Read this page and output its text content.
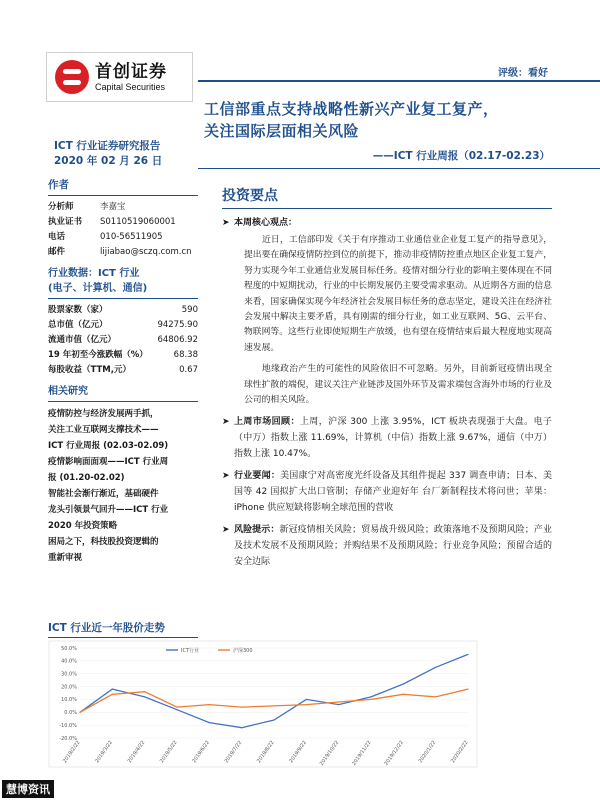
首创证券
Capital Securities
评级：看好
工信部重点支持战略性新兴产业复工复产，
关注国际层面相关风险
ICT 行业证券研究报告
2020 年 02 月 26 日	——ICT 行业周报（02.17-02.23）
作者
分析师	李嘉宝
执业证书	S0110519060001
电话	010-56511905
邮件	lijiabao@sczq.com.cn
行业数据：ICT 行业
(电子、计算机、通信)
股票家数（家）	590
总市值（亿元）	94275.90
流通市值（亿元）	64806.92
19 年初至今涨跌幅（%）	68.38
每股收益（TTM,元）	0.67
相关研究
疫情防控与经济发展两手抓，
关注工业互联网支撑技术——
ICT 行业周报 (02.03-02.09)
疫情影响面面观——ICT 行业周
报 (01.20-02.02)
智能社会渐行渐近，基础硬件
龙头引领景气回升——ICT 行业
2020 年投资策略
困局之下，科技股投资逻辑的
重新审视
ICT 行业近一年股价走势
投资要点
➤ 本周核心观点：
近日，工信部印发《关于有序推动工业通信业企业复工复产的指导意见》，提出要在确保疫情防控到位的前提下，推动非疫情防控重点地区企业复工复产，努力实现今年工业通信业发展目标任务。疫情对细分行业的影响主要体现在不同程度的中短期扰动，行业的中长期发展仍主要受需求驱动。从近期各方面的信息来看，国家确保实现今年经济社会发展目标任务的意志坚定，建设关注在经济社会发展中解决主要矛盾，具有刚需的细分行业，如工业互联网、5G、云平台、物联网等。这些行业即使短期生产放缓，也有望在疫情结束后最大程度地实现高速发展。
地缘政治产生的可能性的风险依旧不可忽略。另外，目前新冠疫情出现全球性扩散的端倪，建议关注产业链涉及国外环节及需求端包含海外市场的行业及公司的相关风险。
➤ 上周市场回顾：上周，沪深 300 上涨 3.95%，ICT 板块表现强于大盘。电子（中万）指数上涨 11.69%，计算机（中信）指数上涨 9.67%，通信（中万）指数上涨 10.47%。
➤ 行业要闻：美国康宁对高密度光纤设备及其组件提起 337 调查申请；日本、美国等 42 国拟扩大出口管制；存储产业迎好年 台厂新制程技术将问世；苹果：iPhone 供应短缺将影响全球范围的营收
➤ 风险提示：新冠疫情相关风险；贸易战升级风险；政策落地不及预期风险；产业及技术发展不及预期风险；并购结果不及预期风险；行业竞争风险；预留合适的安全边际
50.0%
40.0%
30.0%
20.0%
10.0%
0.0%
-10.0%
-20.0%
2019/2/22	2019/3/22	2019/4/22	2019/5/22	2019/6/22	2019/7/22	2019/8/22	2019/9/22 2019/10/22 2019/11/22 2019/12/22	2020/1/22	2020/2/22
ICT行业	沪深300
慧博资讯
